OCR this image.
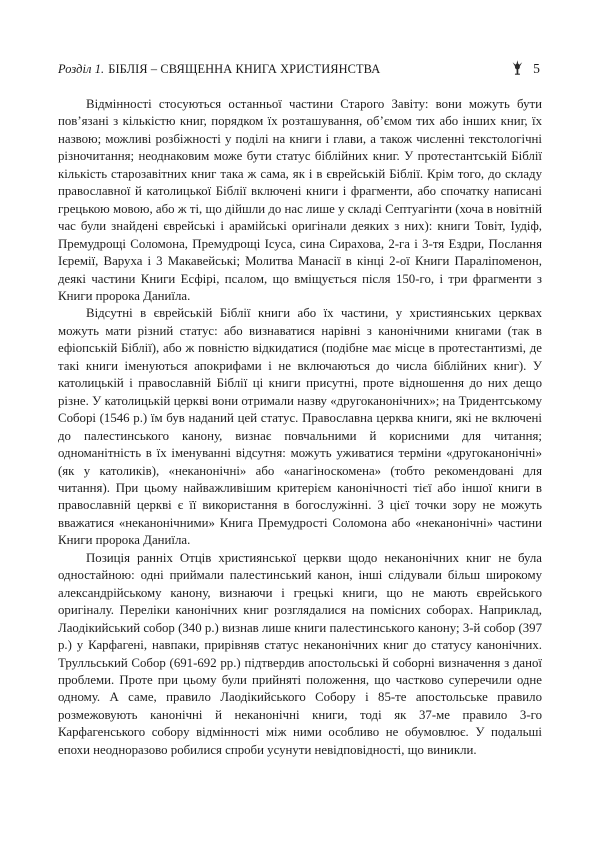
Розділ 1. БІБЛІЯ – СВЯЩЕННА КНИГА ХРИСТИЯНСТВА	5

Відмінності стосуються останньої частини Старого Завіту: вони можуть бути пов’язані з кількістю книг, порядком їх розташування, об’ємом тих або інших книг, їх назвою; можливі розбіжності у поділі на книги і глави, а також численні текстологічні різночитання; неоднаковим може бути статус біблійних книг. У протестантській Біблії кількість старозавітних книг така ж сама, як і в єврейській Біблії. Крім того, до складу православної й католицької Біблії включені книги і фрагменти, або спочатку написані грецькою мовою, або ж ті, що дійшли до нас лише у складі Септуагінти (хоча в новітній час були знайдені єврейські і арамійські оригінали деяких з них): книги Товіт, Іудіф, Премудрощі Соломона, Премудрощі Ісуса, сина Сирахова, 2-га і 3-тя Ездри, Послання Ієремії, Варуха і 3 Макавейські; Молитва Манасії в кінці 2-ої Книги Параліпоменон, деякі частини Книги Есфірі, псалом, що вміщується після 150-го, і три фрагменти з Книги пророка Даниїла.

Відсутні в єврейській Біблії книги або їх частини, у християнських церквах можуть мати різний статус: або визнаватися нарівні з канонічними книгами (так в ефіопській Біблії), або ж повністю відкидатися (подібне має місце в протестантизмі, де такі книги іменуються апокрифами і не включаються до числа біблійних книг). У католицькій і православній Біблії ці книги присутні, проте відношення до них дещо різне. У католицькій церкві вони отримали назву «другоканонічних»; на Тридентському Соборі (1546 р.) їм був наданий цей статус. Православна церква книги, які не включені до палестинського канону, визнає повчальними й корисними для читання; одноманітність в їх іменуванні відсутня: можуть уживатися терміни «другоканонічні» (як у католиків), «неканонічні» або «анагіноскомена» (тобто рекомендовані для читання). При цьому найважливішим критерієм канонічності тієї або іншої книги в православній церкві є її використання в богослужінні. З цієї точки зору не можуть вважатися «неканонічними» Книга Премудрості Соломона або «неканонічні» частини Книги пророка Даниїла.

Позиція ранніх Отців християнської церкви щодо неканонічних книг не була одностайною: одні приймали палестинський канон, інші слідували більш широкому александрійському канону, визнаючи і грецькі книги, що не мають єврейського оригіналу. Переліки канонічних книг розглядалися на помісних соборах. Наприклад, Лаодікийський собор (340 р.) визнав лише книги палестинського канону; 3-й собор (397 р.) у Карфагені, навпаки, прирівняв статус неканонічних книг до статусу канонічних. Трулльський Собор (691-692 рр.) підтвердив апостольські й соборні визначення з даної проблеми. Проте при цьому були прийняті положення, що частково суперечили одне одному. А саме, правило Лаодікийського Собору і 85-те апостольське правило розмежовують канонічні й неканонічні книги, тоді як 37-ме правило 3-го Карфагенського собору відмінності між ними особливо не обумовлює. У подальші епохи неодноразово робилися спроби усунути невідповідності, що виникли.
